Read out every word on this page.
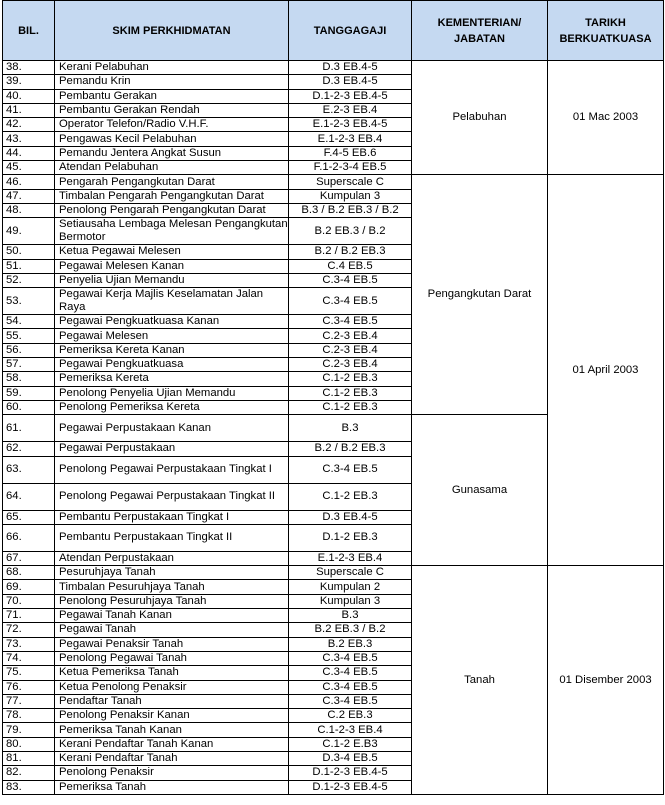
BIL.	SKIM PERKHIDMATAN	TANGGAGAJI	KEMENTERIAN/ JABATAN	TARIKH BERKUATKUASA
38.	Kerani Pelabuhan	D.3 EB.4-5	Pelabuhan	01 Mac 2003
39.	Pemandu Krin	D.3 EB.4-5		
40.	Pembantu Gerakan	D.1-2-3 EB.4-5		
41.	Pembantu Gerakan Rendah	E.2-3 EB.4		
42.	Operator Telefon/Radio V.H.F.	E.1-2-3 EB.4-5		
43.	Pengawas Kecil Pelabuhan	E.1-2-3 EB.4		
44.	Pemandu Jentera Angkat Susun	F.4-5 EB.6		
45.	Atendan Pelabuhan	F.1-2-3-4 EB.5		
46.	Pengarah Pengangkutan Darat	Superscale C	Pengangkutan Darat	01 April 2003
47.	Timbalan Pengarah Pengangkutan Darat	Kumpulan 3		
48.	Penolong Pengarah Pengangkutan Darat	B.3 / B.2 EB.3 / B.2		
49.	Setiausaha Lembaga Melesan Pengangkutan Bermotor	B.2 EB.3 / B.2		
50.	Ketua Pegawai Melesen	B.2 / B.2 EB.3		
51.	Pegawai Melesen Kanan	C.4 EB.5		
52.	Penyelia Ujian Memandu	C.3-4 EB.5		
53.	Pegawai Kerja Majlis Keselamatan Jalan Raya	C.3-4 EB.5		
54.	Pegawai Pengkuatkuasa Kanan	C.3-4 EB.5		
55.	Pegawai Melesen	C.2-3 EB.4		
56.	Pemeriksa Kereta Kanan	C.2-3 EB.4		
57.	Pegawai Pengkuatkuasa	C.2-3 EB.4		
58.	Pemeriksa Kereta	C.1-2 EB.3		
59.	Penolong Penyelia Ujian Memandu	C.1-2 EB.3		
60.	Penolong Pemeriksa Kereta	C.1-2 EB.3		
61.	Pegawai Perpustakaan Kanan	B.3	Gunasama	
62.	Pegawai Perpustakaan	B.2 / B.2 EB.3		
63.	Penolong Pegawai Perpustakaan Tingkat I	C.3-4 EB.5		
64.	Penolong Pegawai Perpustakaan Tingkat II	C.1-2 EB.3		
65.	Pembantu Perpustakaan Tingkat I	D.3 EB.4-5		
66.	Pembantu Perpustakaan Tingkat II	D.1-2 EB.3		
67.	Atendan Perpustakaan	E.1-2-3 EB.4		
68.	Pesuruhjaya Tanah	Superscale C	Tanah	01 Disember 2003
69.	Timbalan Pesuruhjaya Tanah	Kumpulan 2		
70.	Penolong Pesuruhjaya Tanah	Kumpulan 3		
71.	Pegawai Tanah Kanan	B.3		
72.	Pegawai Tanah	B.2 EB.3 / B.2		
73.	Pegawai Penaksir Tanah	B.2 EB.3		
74.	Penolong Pegawai Tanah	C.3-4 EB.5		
75.	Ketua Pemeriksa Tanah	C.3-4 EB.5		
76.	Ketua Penolong Penaksir	C.3-4 EB.5		
77.	Pendaftar Tanah	C.3-4 EB.5		
78.	Penolong Penaksir Kanan	C.2 EB.3		
79.	Pemeriksa Tanah Kanan	C.1-2-3 EB.4		
80.	Kerani Pendaftar Tanah Kanan	C.1-2 E.B3		
81.	Kerani Pendaftar Tanah	D.3-4 EB.5		
82.	Penolong Penaksir	D.1-2-3 EB.4-5		
83.	Pemeriksa Tanah	D.1-2-3 EB.4-5		
